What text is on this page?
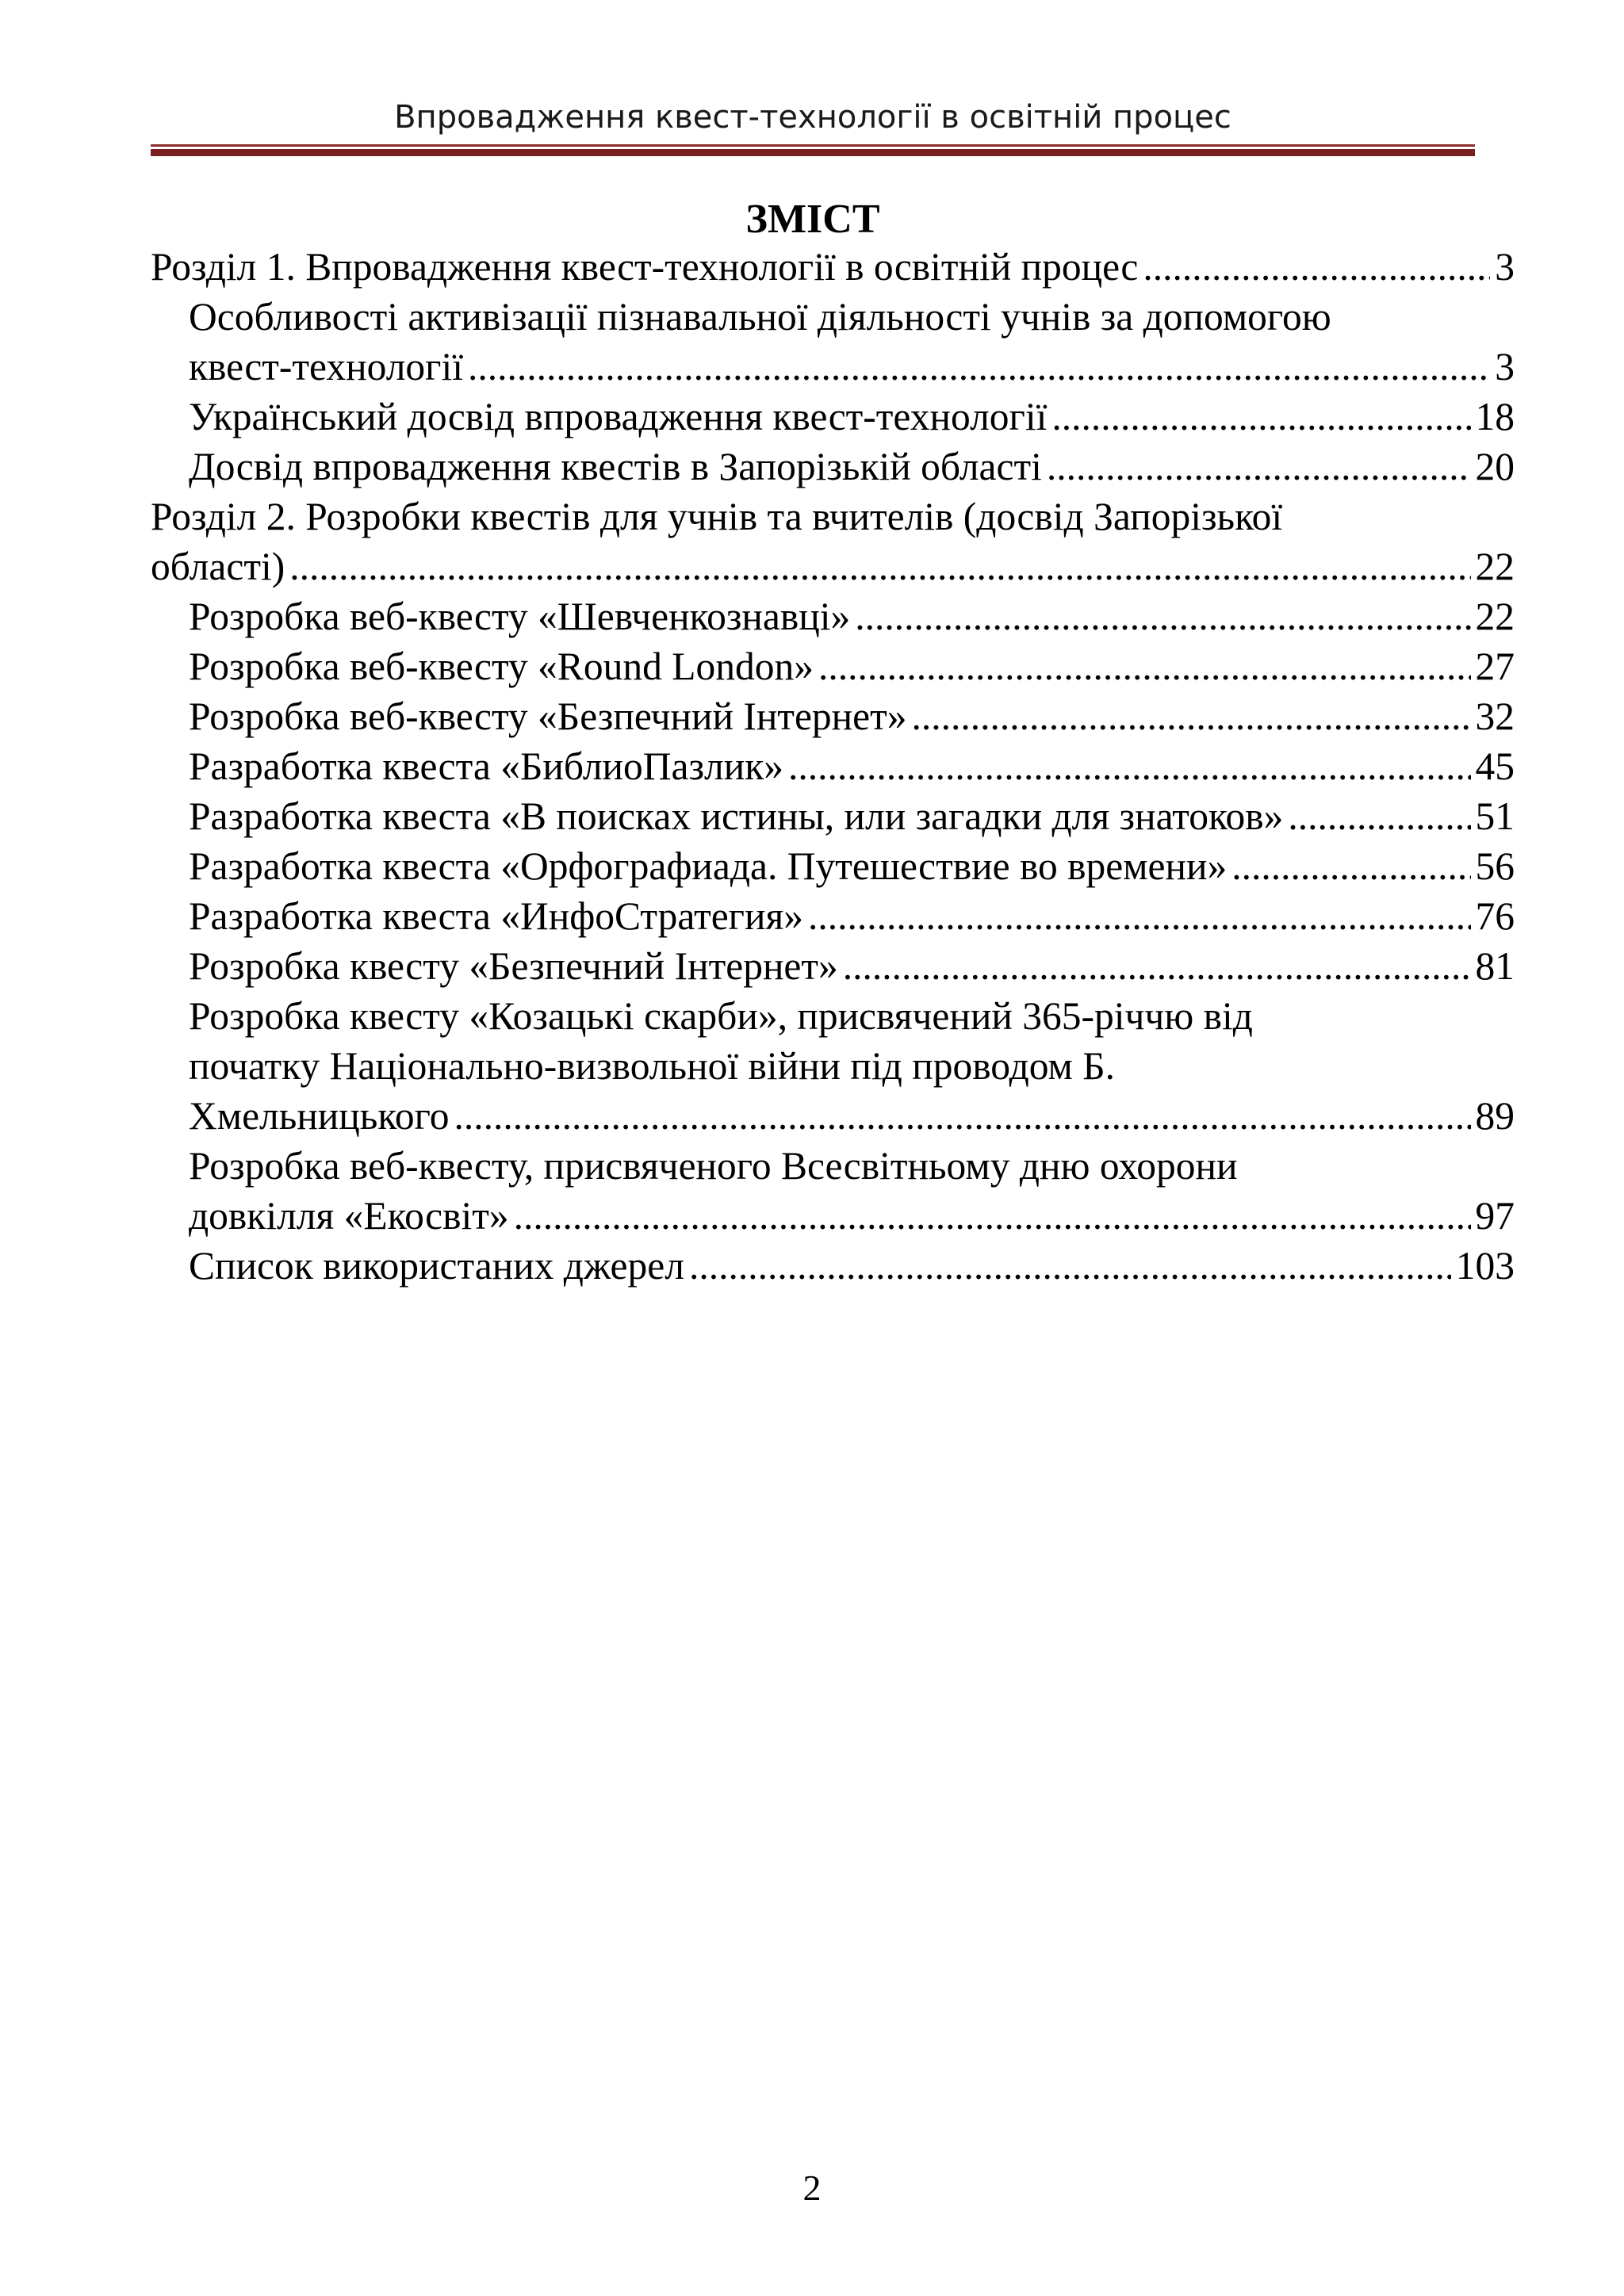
Впровадження квест-технології в освітній процес
ЗМІСТ
Розділ 1. Впровадження квест-технології в освітній процес .....	3
Особливості активізації пізнавальної діяльності учнів за допомогою
квест-технології .....	3
Український досвід впровадження квест-технології .....	18
Досвід впровадження квестів в Запорізькій області .....	20
Розділ 2. Розробки квестів для учнів та вчителів (досвід Запорізької
області) .....	22
Розробка веб-квесту «Шевченкознавці» .....	22
Розробка веб-квесту «Round London» .....	27
Розробка веб-квесту «Безпечний Інтернет» .....	32
Разработка квеста «БиблиоПазлик» .....	45
Разработка квеста «В поисках истины, или загадки для знатоков» .....	51
Разработка квеста «Орфографиада. Путешествие во времени» .....	56
Разработка квеста «ИнфоСтратегия» .....	76
Розробка квесту «Безпечний Інтернет» .....	81
Розробка квесту «Козацькі скарби», присвячений 365-річчю від
початку Національно-визвольної війни під проводом Б.
Хмельницького .....	89
Розробка веб-квесту, присвяченого Всесвітньому дню охорони
довкілля «Екосвіт» .....	97
Список використаних джерел .....	103
2
